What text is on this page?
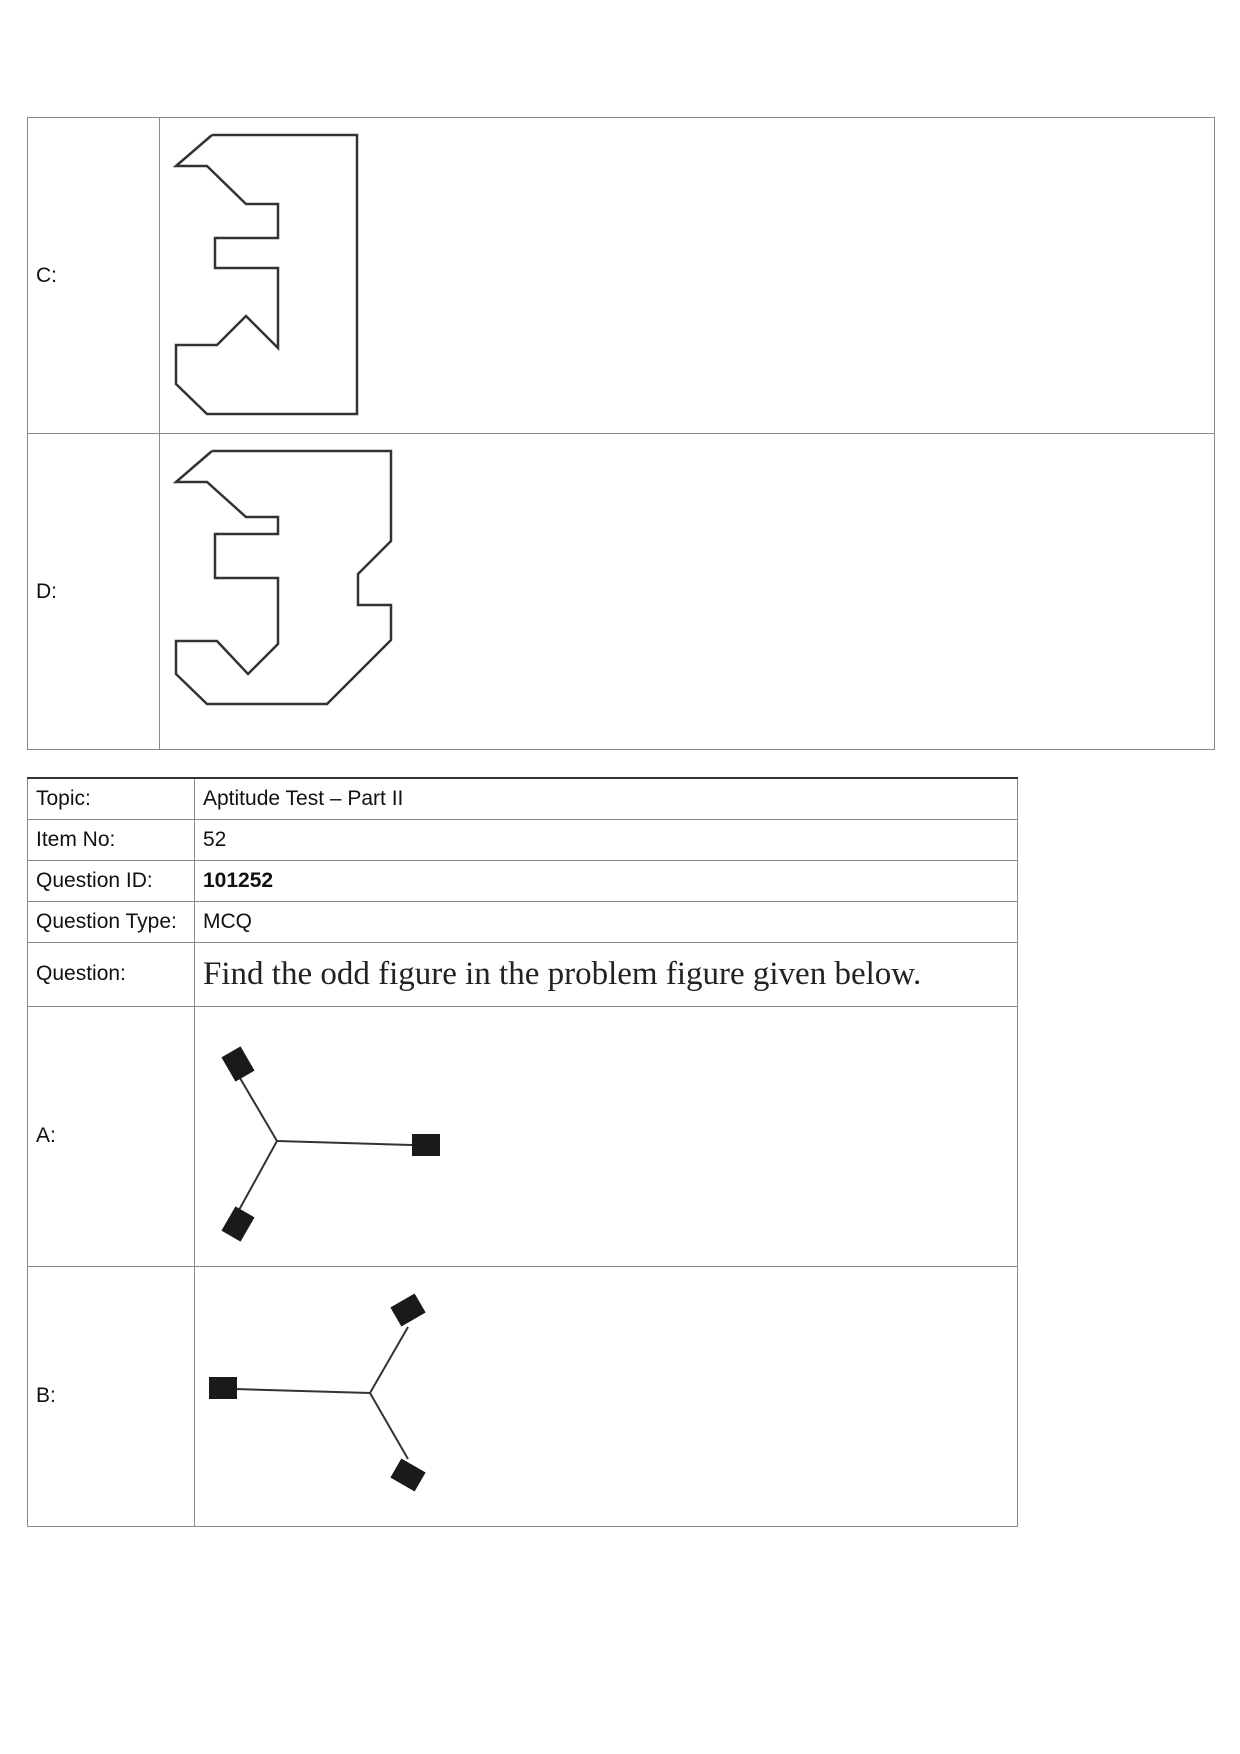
C:	

D:	
Topic:	Aptitude Test – Part II
Item No:	52
Question ID:	101252
Question Type:	MCQ
Question:	Find the odd figure in the problem figure given below.
A:	

B:	
